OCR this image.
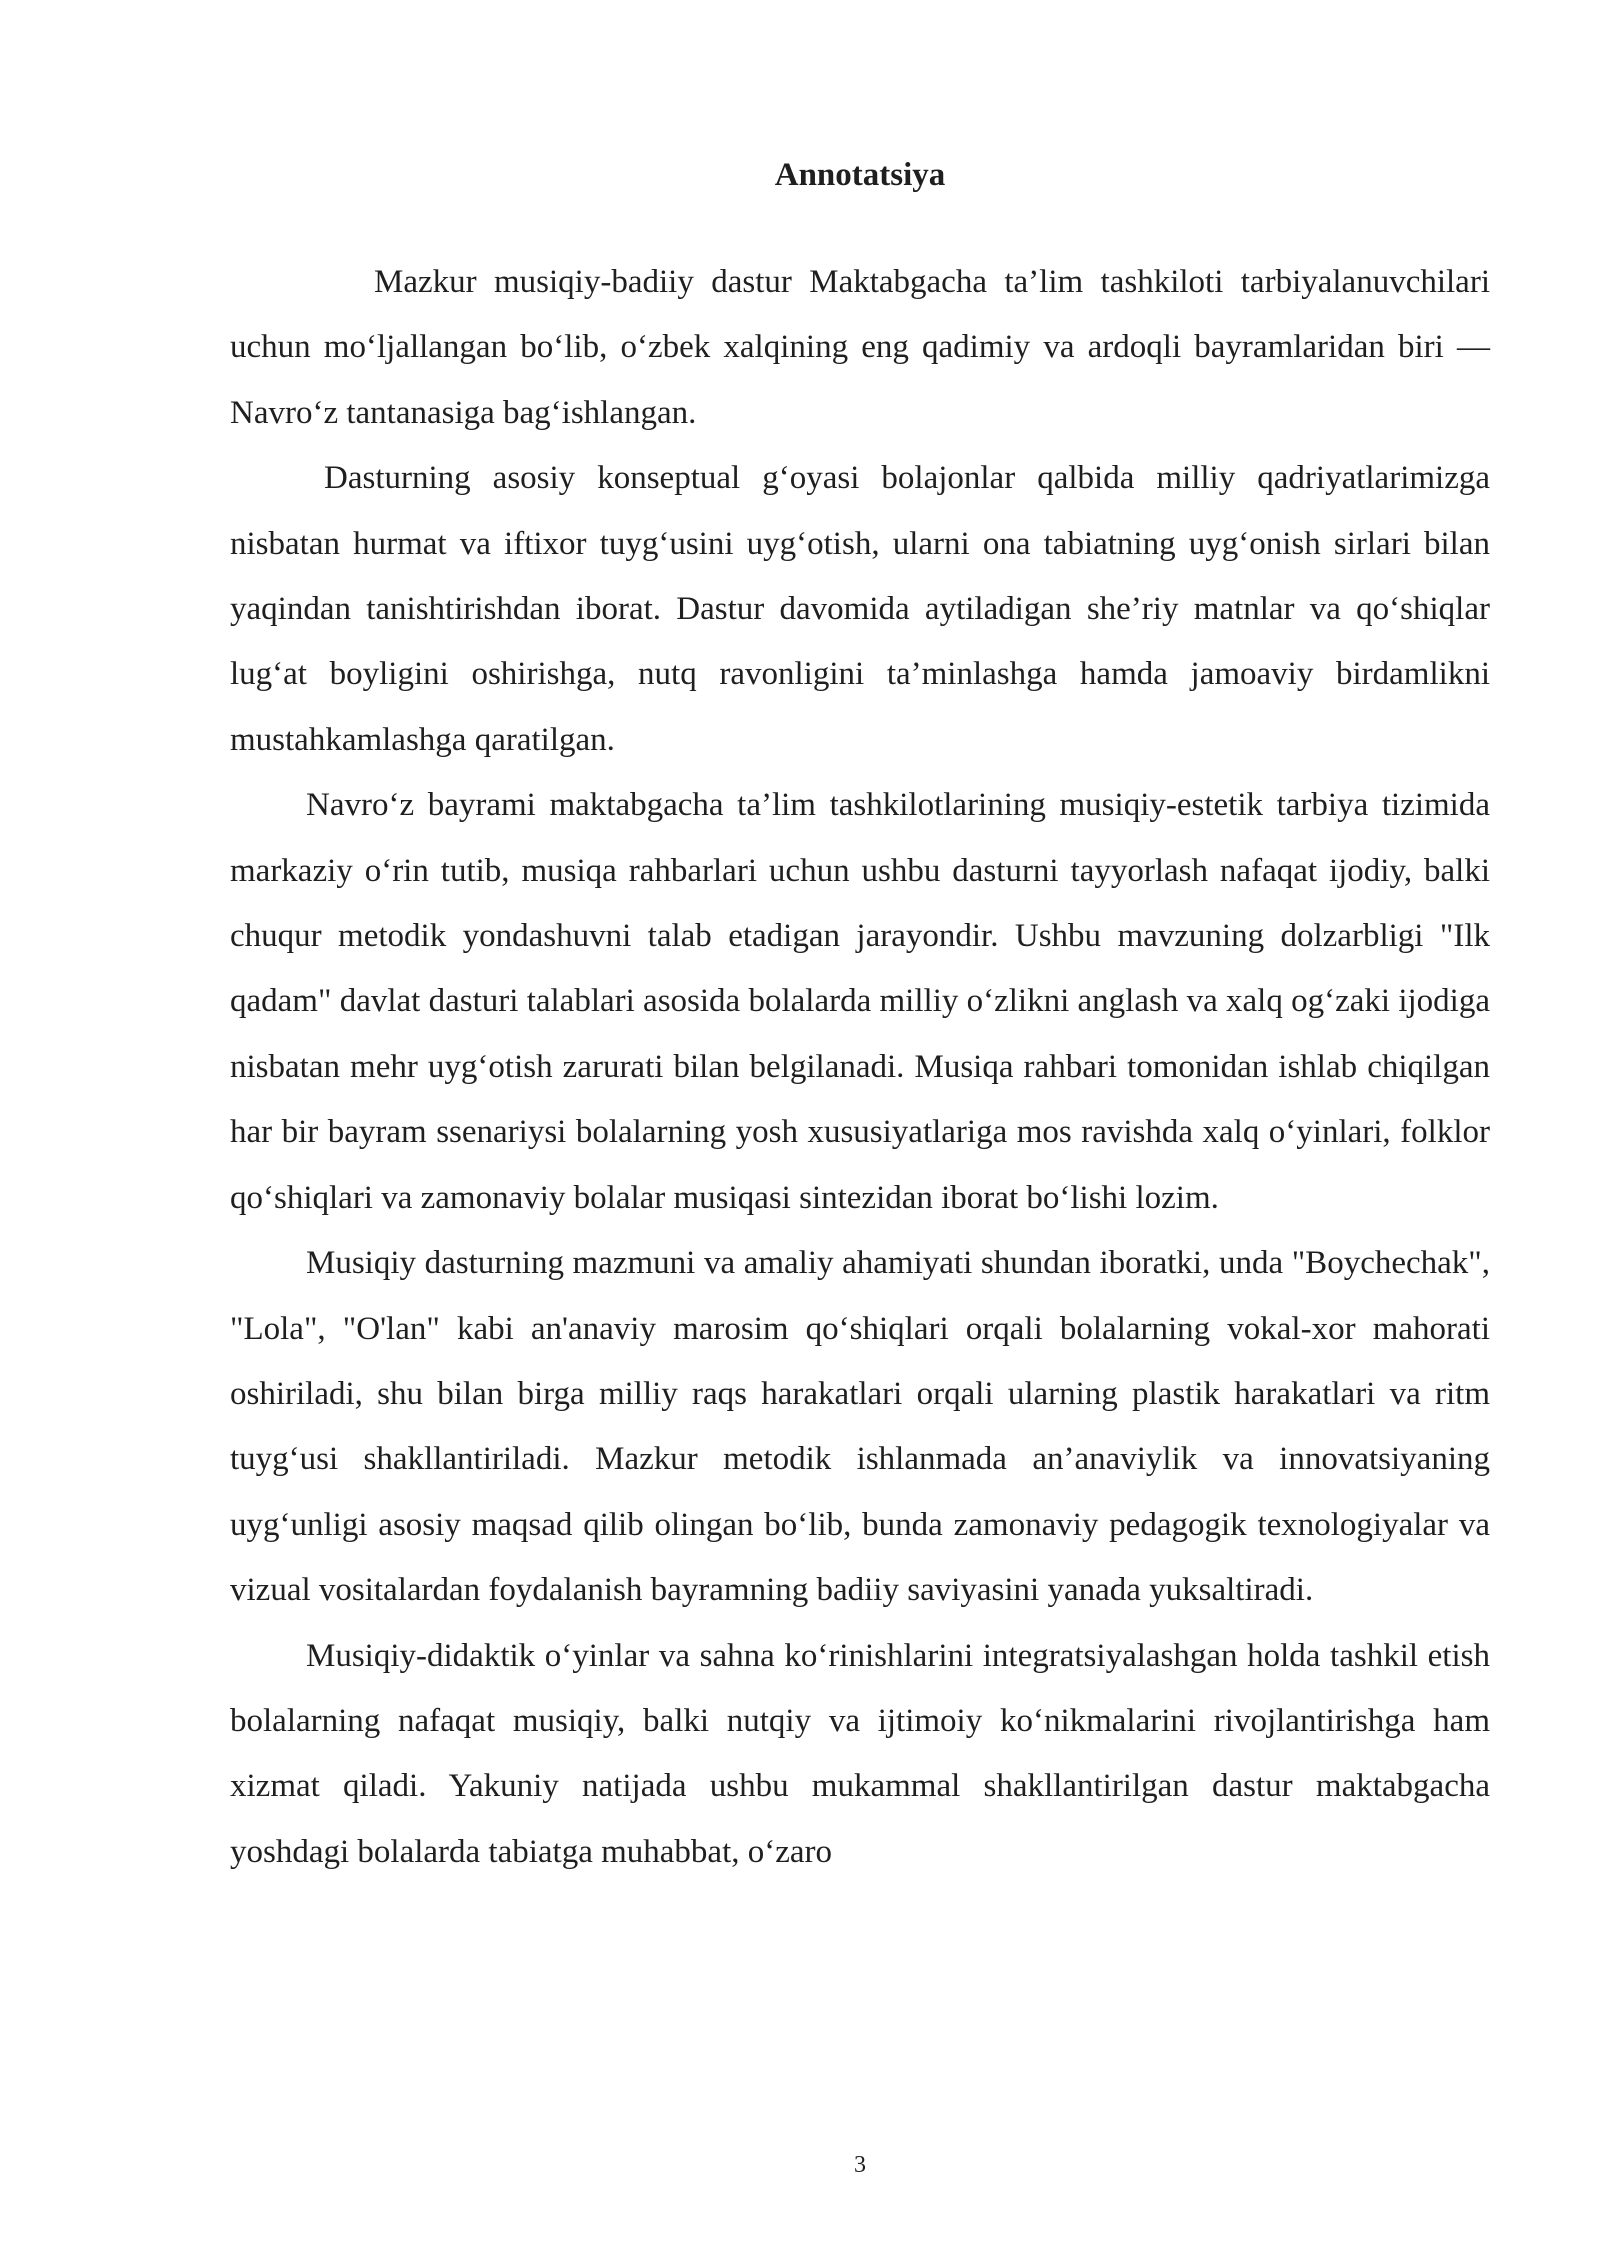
Annotatsiya

Mazkur musiqiy-badiiy dastur Maktabgacha ta’lim tashkiloti tarbiyalanuvchilari uchun mo‘ljallangan bo‘lib, o‘zbek xalqining eng qadimiy va ardoqli bayramlaridan biri — Navro‘z tantanasiga bag‘ishlangan.

Dasturning asosiy konseptual g‘oyasi bolajonlar qalbida milliy qadriyatlarimizga nisbatan hurmat va iftixor tuyg‘usini uyg‘otish, ularni ona tabiatning uyg‘onish sirlari bilan yaqindan tanishtirishdan iborat. Dastur davomida aytiladigan she’riy matnlar va qo‘shiqlar lug‘at boyligini oshirishga, nutq ravonligini ta’minlashga hamda jamoaviy birdamlikni mustahkamlashga qaratilgan.

Navro‘z bayrami maktabgacha ta’lim tashkilotlarining musiqiy-estetik tarbiya tizimida markaziy o‘rin tutib, musiqa rahbarlari uchun ushbu dasturni tayyorlash nafaqat ijodiy, balki chuqur metodik yondashuvni talab etadigan jarayondir. Ushbu mavzuning dolzarbligi "Ilk qadam" davlat dasturi talablari asosida bolalarda milliy o‘zlikni anglash va xalq og‘zaki ijodiga nisbatan mehr uyg‘otish zarurati bilan belgilanadi. Musiqa rahbari tomonidan ishlab chiqilgan har bir bayram ssenariysi bolalarning yosh xususiyatlariga mos ravishda xalq o‘yinlari, folklor qo‘shiqlari va zamonaviy bolalar musiqasi sintezidan iborat bo‘lishi lozim.

Musiqiy dasturning mazmuni va amaliy ahamiyati shundan iboratki, unda "Boychechak", "Lola", "O'lan" kabi an'anaviy marosim qo‘shiqlari orqali bolalarning vokal-xor mahorati oshiriladi, shu bilan birga milliy raqs harakatlari orqali ularning plastik harakatlari va ritm tuyg‘usi shakllantiriladi. Mazkur metodik ishlanmada an’anaviylik va innovatsiyaning uyg‘unligi asosiy maqsad qilib olingan bo‘lib, bunda zamonaviy pedagogik texnologiyalar va vizual vositalardan foydalanish bayramning badiiy saviyasini yanada yuksaltiradi.

Musiqiy-didaktik o‘yinlar va sahna ko‘rinishlarini integratsiyalashgan holda tashkil etish bolalarning nafaqat musiqiy, balki nutqiy va ijtimoiy ko‘nikmalarini rivojlantirishga ham xizmat qiladi. Yakuniy natijada ushbu mukammal shakllantirilgan dastur maktabgacha yoshdagi bolalarda tabiatga muhabbat, o‘zaro

3
